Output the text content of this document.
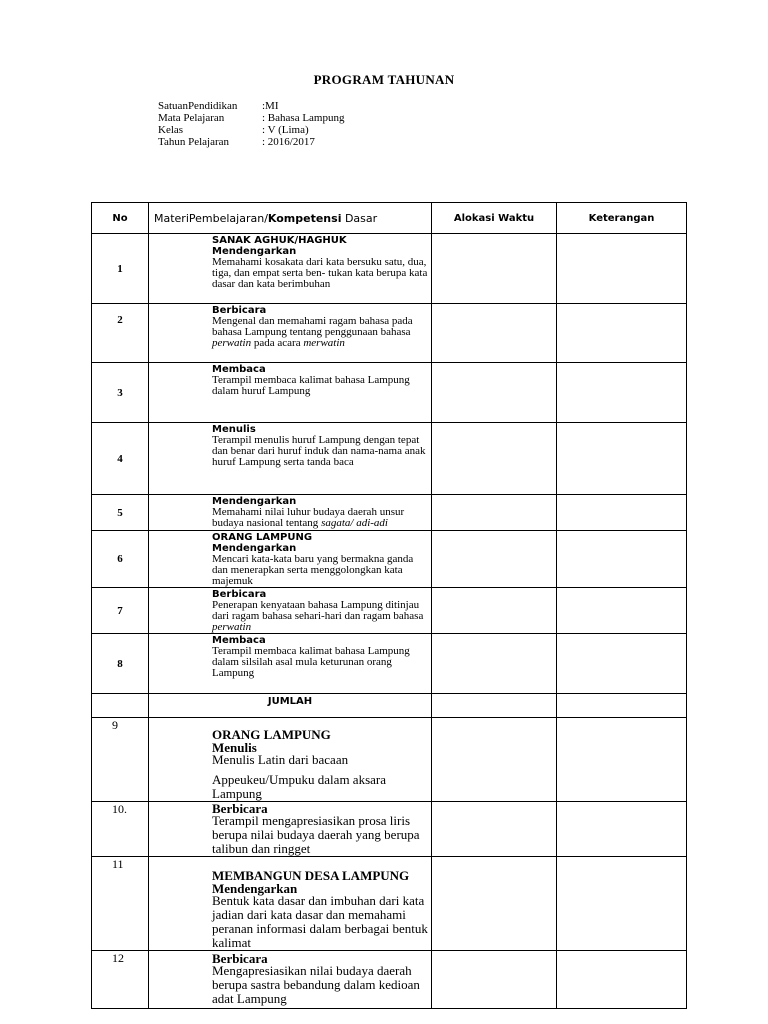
PROGRAM TAHUNAN
SatuanPendidikan	:MI
Mata Pelajaran	: Bahasa Lampung
Kelas	: V (Lima)
Tahun Pelajaran	: 2016/2017
No	MateriPembelajaran/Kompetensi Dasar	Alokasi Waktu	Keterangan
1	SANAK AGHUK/HAGHUK
Mendengarkan
Memahami kosakata dari kata bersuku satu, dua, tiga, dan empat serta ben- tukan kata berupa kata dasar dan kata berimbuhan		
2	Berbicara
Mengenal dan memahami ragam bahasa pada bahasa Lampung tentang penggunaan bahasa perwatin pada acara merwatin		
3	Membaca
Terampil membaca kalimat bahasa Lampung dalam huruf Lampung		
4	Menulis
Terampil menulis huruf Lampung dengan tepat dan benar dari huruf induk dan nama-nama anak huruf Lampung serta tanda baca		
5	Mendengarkan
Memahami nilai luhur budaya daerah unsur budaya nasional tentang sagata/ adi-adi		
6	ORANG LAMPUNG
Mendengarkan
Mencari kata-kata baru yang bermakna ganda dan menerapkan serta menggolongkan kata majemuk		
7	Berbicara
Penerapan kenyataan bahasa Lampung ditinjau dari ragam bahasa sehari-hari dan ragam bahasa perwatin		
8	Membaca
Terampil membaca kalimat bahasa Lampung dalam silsilah asal mula keturunan orang Lampung		
	JUMLAH		
9	ORANG LAMPUNG
Menulis
Menulis Latin dari bacaan
Appeukeu/Umpuku dalam aksara Lampung		

10.	Berbicara
Terampil mengapresiasikan prosa liris berupa nilai budaya daerah yang berupa talibun dan ringget		
11	MEMBANGUN DESA LAMPUNG
Mendengarkan
Bentuk kata dasar dan imbuhan dari kata jadian dari kata dasar dan memahami peranan informasi dalam berbagai bentuk kalimat		
12	Berbicara
Mengapresiasikan nilai budaya daerah berupa sastra bebandung dalam kedioan adat Lampung		
